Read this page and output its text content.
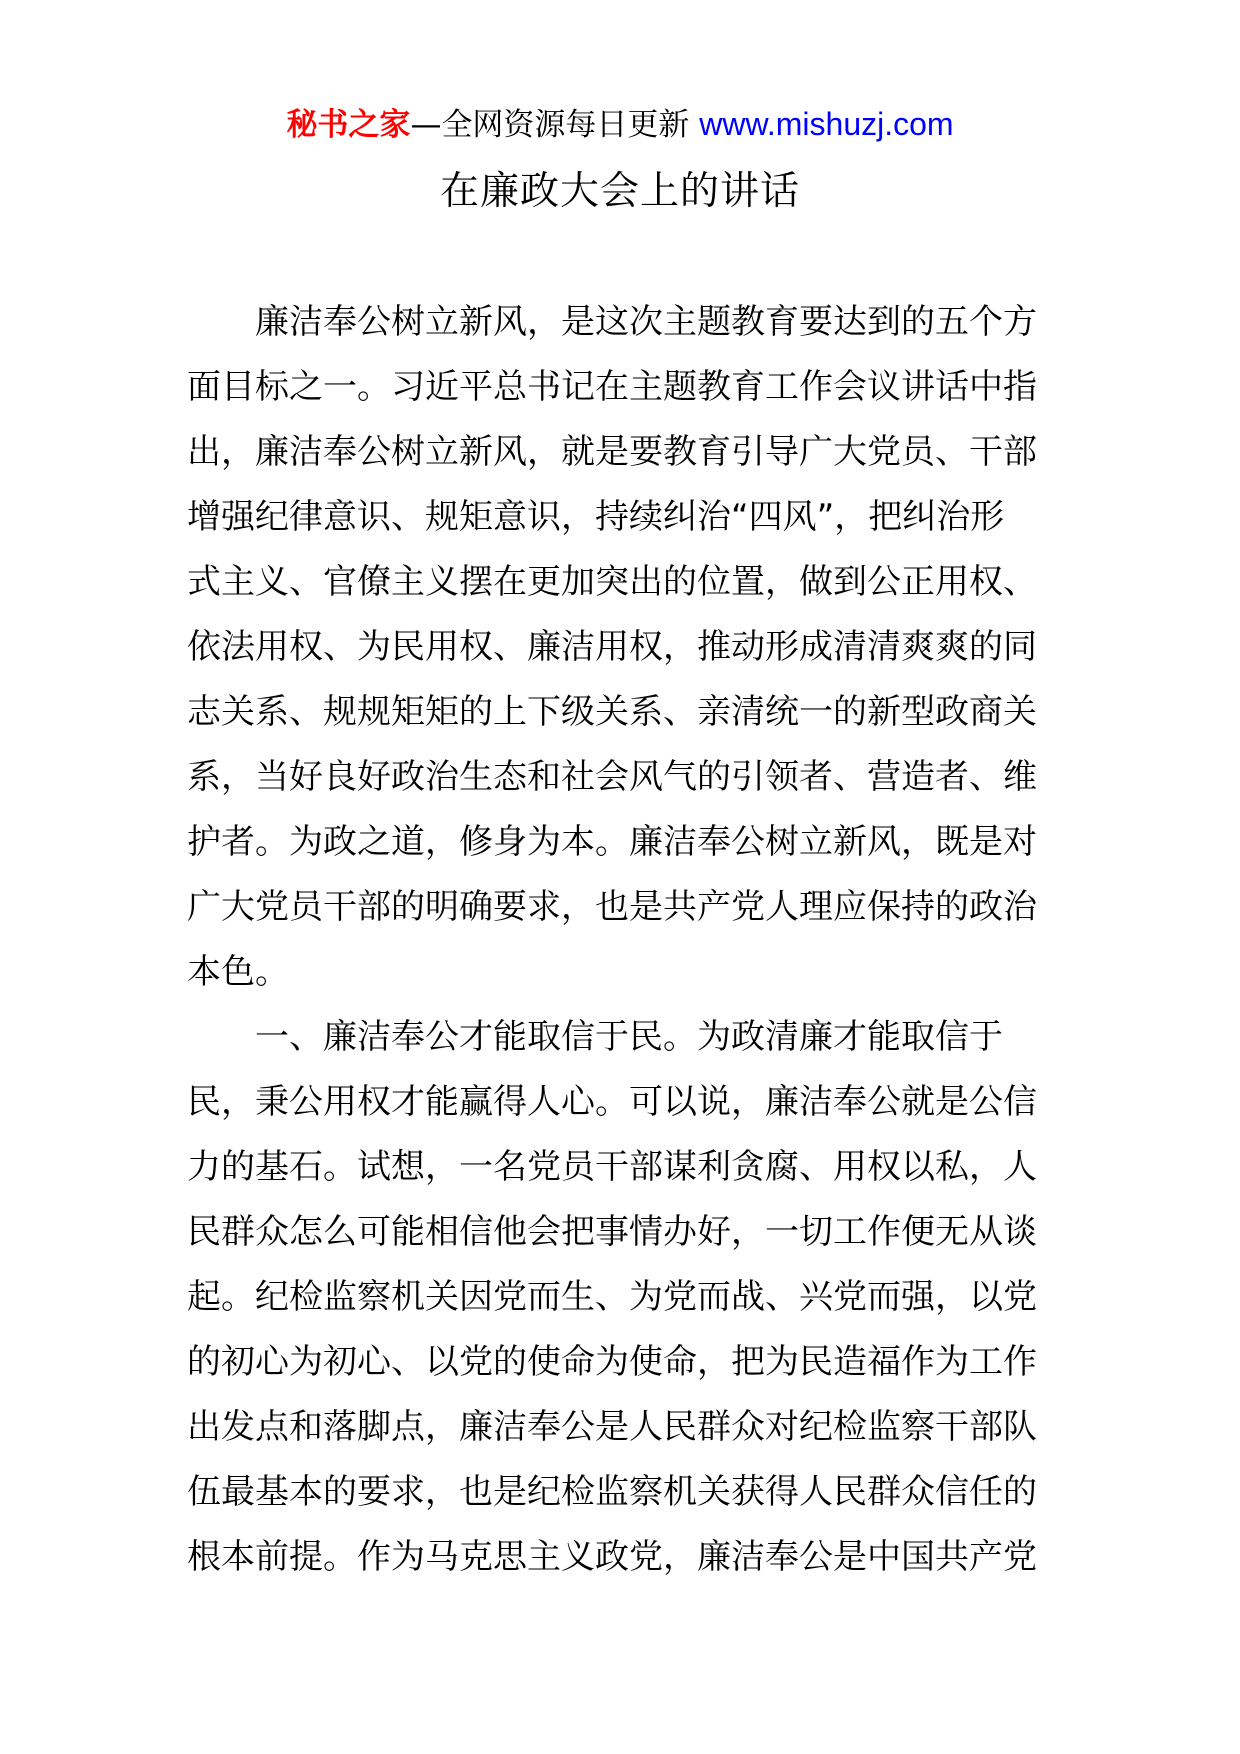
秘书之家—全网资源每日更新 www.mishuzj.com
在廉政大会上的讲话
廉洁奉公树立新风，是这次主题教育要达到的五个方
面目标之一。习近平总书记在主题教育工作会议讲话中指
出，廉洁奉公树立新风，就是要教育引导广大党员、干部
增强纪律意识、规矩意识，持续纠治“四风”，把纠治形
式主义、官僚主义摆在更加突出的位置，做到公正用权、
依法用权、为民用权、廉洁用权，推动形成清清爽爽的同
志关系、规规矩矩的上下级关系、亲清统一的新型政商关
系，当好良好政治生态和社会风气的引领者、营造者、维
护者。为政之道，修身为本。廉洁奉公树立新风，既是对
广大党员干部的明确要求，也是共产党人理应保持的政治
本色。
一、廉洁奉公才能取信于民。为政清廉才能取信于
民，秉公用权才能赢得人心。可以说，廉洁奉公就是公信
力的基石。试想，一名党员干部谋利贪腐、用权以私，人
民群众怎么可能相信他会把事情办好，一切工作便无从谈
起。纪检监察机关因党而生、为党而战、兴党而强，以党
的初心为初心、以党的使命为使命，把为民造福作为工作
出发点和落脚点，廉洁奉公是人民群众对纪检监察干部队
伍最基本的要求，也是纪检监察机关获得人民群众信任的
根本前提。作为马克思主义政党，廉洁奉公是中国共产党
